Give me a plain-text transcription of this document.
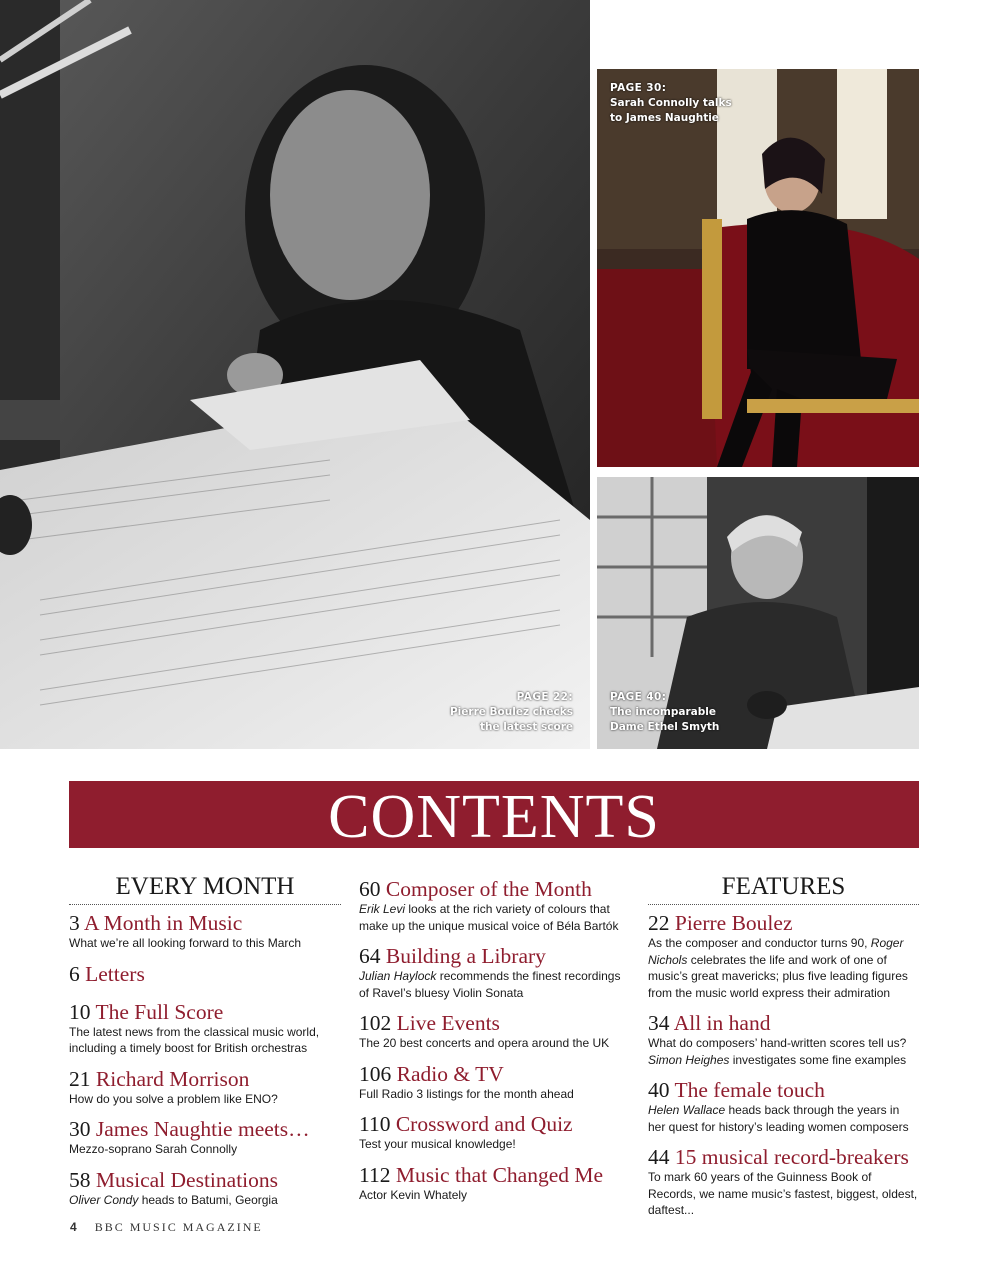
PAGE 22:
Pierre Boulez checks
the latest score
PAGE 30:
Sarah Connolly talks
to James Naughtie
PAGE 40:
The incomparable
Dame Ethel Smyth
CONTENTS
EVERY MONTH
3 A Month in Music
What we’re all looking forward to this March
6 Letters
10 The Full Score
The latest news from the classical music world, including a timely boost for British orchestras
21 Richard Morrison
How do you solve a problem like ENO?
30 James Naughtie meets…
Mezzo-soprano Sarah Connolly
58 Musical Destinations
Oliver Condy heads to Batumi, Georgia
60 Composer of the Month
Erik Levi looks at the rich variety of colours that make up the unique musical voice of Béla Bartók
64 Building a Library
Julian Haylock recommends the finest recordings of Ravel’s bluesy Violin Sonata
102 Live Events
The 20 best concerts and opera around the UK
106 Radio & TV
Full Radio 3 listings for the month ahead
110 Crossword and Quiz
Test your musical knowledge!
112 Music that Changed Me
Actor Kevin Whately
FEATURES
22 Pierre Boulez
As the composer and conductor turns 90, Roger Nichols celebrates the life and work of one of music’s great mavericks; plus five leading figures from the music world express their admiration
34 All in hand
What do composers’ hand-written scores tell us? Simon Heighes investigates some fine examples
40 The female touch
Helen Wallace heads back through the years in her quest for history’s leading women composers
44 15 musical record-breakers
To mark 60 years of the Guinness Book of Records, we name music’s fastest, biggest, oldest, daftest...
4 BBC MUSIC MAGAZINE
